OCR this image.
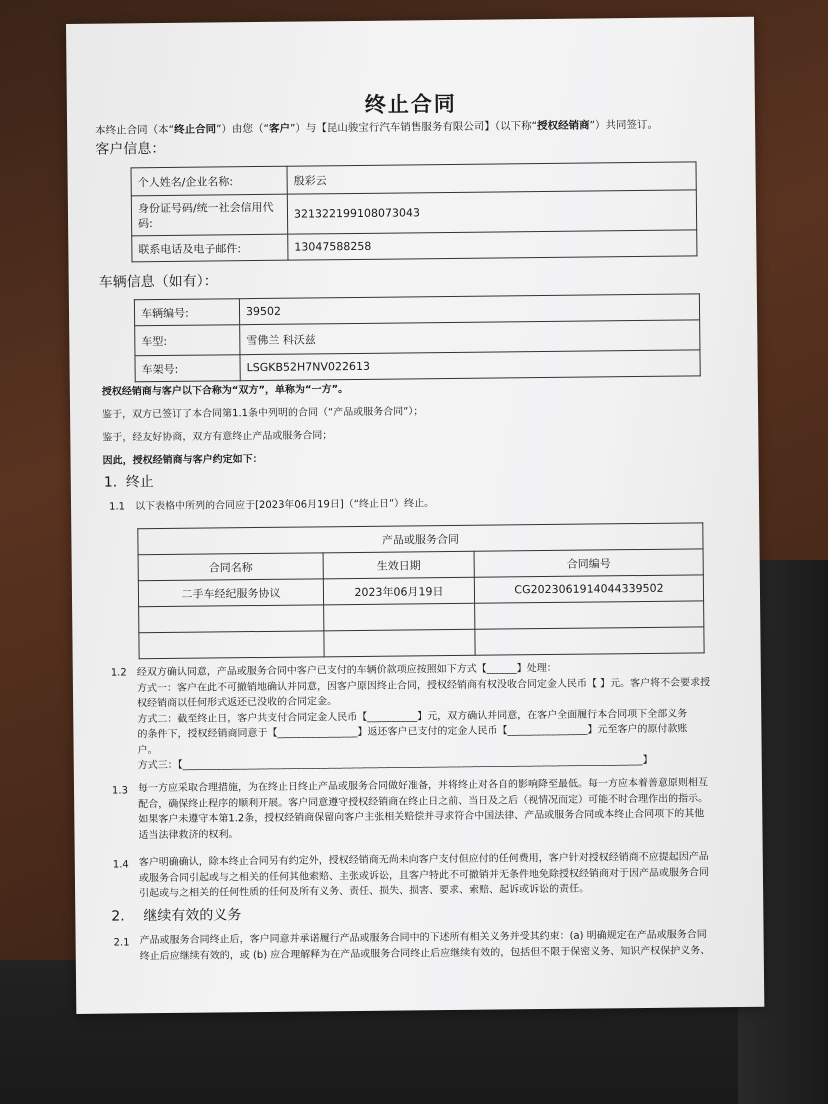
终止合同
本终止合同（本“终止合同”）由您（“客户”）与【昆山骏宝行汽车销售服务有限公司】（以下称“授权经销商”）共同签订。
客户信息：
个人姓名/企业名称:	殷彩云
身份证号码/统一社会信用代码:	321322199108073043
联系电话及电子邮件:	13047588258
车辆信息（如有）：
车辆编号:	39502
车型:	雪佛兰 科沃兹
车架号:	LSGKB52H7NV022613
授权经销商与客户以下合称为“双方”，单称为“一方”。
鉴于，双方已签订了本合同第1.1条中列明的合同（“产品或服务合同”）；
鉴于，经友好协商，双方有意终止产品或服务合同；
因此，授权经销商与客户约定如下：
1. 终止
1.1 以下表格中所列的合同应于[2023年06月19日]（“终止日”）终止。
产品或服务合同		
合同名称	生效日期	合同编号
二手车经纪服务协议	2023年06月19日	CG2023061914044339502

1.2 经双方确认同意，产品或服务合同中客户已支付的车辆价款项应按照如下方式【______】处理：
方式一：客户在此不可撤销地确认并同意，因客户原因终止合同，授权经销商有权没收合同定金人民币【 】元。客户将不会要求授
权经销商以任何形式返还已没收的合同定金。
方式二：截至终止日，客户共支付合同定金人民币【__________】元，双方确认并同意，在客户全面履行本合同项下全部义务
的条件下，授权经销商同意于【________________】返还客户已支付的定金人民币【________________】元至客户的原付款账
户。
方式三：【____________________________________________________________________________________________】
1.3 每一方应采取合理措施，为在终止日终止产品或服务合同做好准备，并将终止对各自的影响降至最低。每一方应本着善意原则相互
配合，确保终止程序的顺利开展。客户同意遵守授权经销商在终止日之前、当日及之后（视情况而定）可能不时合理作出的指示。
如果客户未遵守本第1.2条，授权经销商保留向客户主张相关赔偿并寻求符合中国法律、产品或服务合同或本终止合同项下的其他
适当法律救济的权利。
1.4 客户明确确认，除本终止合同另有约定外，授权经销商无尚未向客户支付但应付的任何费用，客户针对授权经销商不应提起因产品
或服务合同引起或与之相关的任何其他索赔、主张或诉讼，且客户特此不可撤销并无条件地免除授权经销商对于因产品或服务合同
引起或与之相关的任何性质的任何及所有义务、责任、损失、损害、要求、索赔、起诉或诉讼的责任。
2. 继续有效的义务
2.1 产品或服务合同终止后，客户同意并承诺履行产品或服务合同中的下述所有相关义务并受其约束：(a) 明确规定在产品或服务合同
终止后应继续有效的，或 (b) 应合理解释为在产品或服务合同终止后应继续有效的，包括但不限于保密义务、知识产权保护义务、
